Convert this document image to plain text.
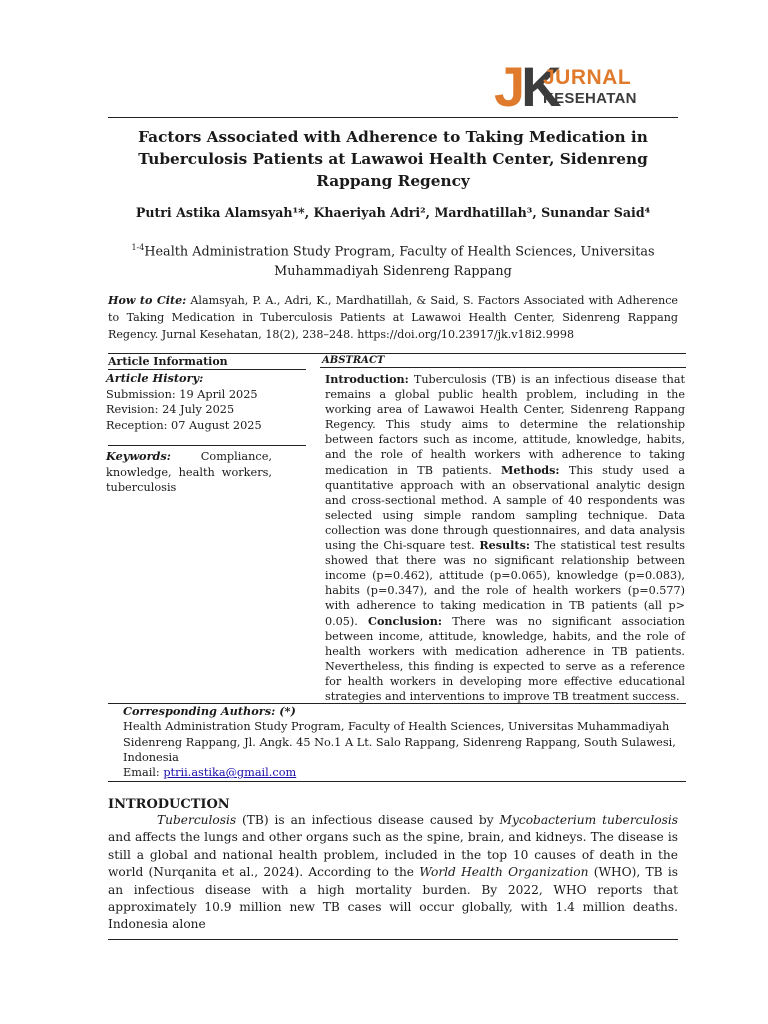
JK
JURNAL
KESEHATAN
Factors Associated with Adherence to Taking Medication in Tuberculosis Patients at Lawawoi Health Center, Sidenreng Rappang Regency
Putri Astika Alamsyah¹*, Khaeriyah Adri², Mardhatillah³, Sunandar Said⁴
$^{1-4}$Health Administration Study Program, Faculty of Health Sciences, Universitas Muhammadiyah Sidenreng Rappang
How to Cite: Alamsyah, P. A., Adri, K., Mardhatillah, & Said, S. Factors Associated with Adherence to Taking Medication in Tuberculosis Patients at Lawawoi Health Center, Sidenreng Rappang Regency. Jurnal Kesehatan, 18(2), 238–248. https://doi.org/10.23917/jk.v18i2.9998
Article Information	ABSTRACT
Article History:
Submission: 19 April 2025
Revision: 24 July 2025
Reception: 07 August 2025
Keywords: Compliance, knowledge, health workers, tuberculosis
Introduction: Tuberculosis (TB) is an infectious disease that remains a global public health problem, including in the working area of Lawawoi Health Center, Sidenreng Rappang Regency. This study aims to determine the relationship between factors such as income, attitude, knowledge, habits, and the role of health workers with adherence to taking medication in TB patients. Methods: This study used a quantitative approach with an observational analytic design and cross-sectional method. A sample of 40 respondents was selected using simple random sampling technique. Data collection was done through questionnaires, and data analysis using the Chi-square test. Results: The statistical test results showed that there was no significant relationship between income (p=0.462), attitude (p=0.065), knowledge (p=0.083), habits (p=0.347), and the role of health workers (p=0.577) with adherence to taking medication in TB patients (all p> 0.05). Conclusion: There was no significant association between income, attitude, knowledge, habits, and the role of health workers with medication adherence in TB patients. Nevertheless, this finding is expected to serve as a reference for health workers in developing more effective educational strategies and interventions to improve TB treatment success.
Corresponding Authors: (*)
Health Administration Study Program, Faculty of Health Sciences, Universitas Muhammadiyah Sidenreng Rappang, Jl. Angk. 45 No.1 A Lt. Salo Rappang, Sidenreng Rappang, South Sulawesi, Indonesia
Email: ptrii.astika@gmail.com
INTRODUCTION
Tuberculosis (TB) is an infectious disease caused by Mycobacterium tuberculosis and affects the lungs and other organs such as the spine, brain, and kidneys. The disease is still a global and national health problem, included in the top 10 causes of death in the world (Nurqanita et al., 2024). According to the World Health Organization (WHO), TB is an infectious disease with a high mortality burden. By 2022, WHO reports that approximately 10.9 million new TB cases will occur globally, with 1.4 million deaths. Indonesia alone
